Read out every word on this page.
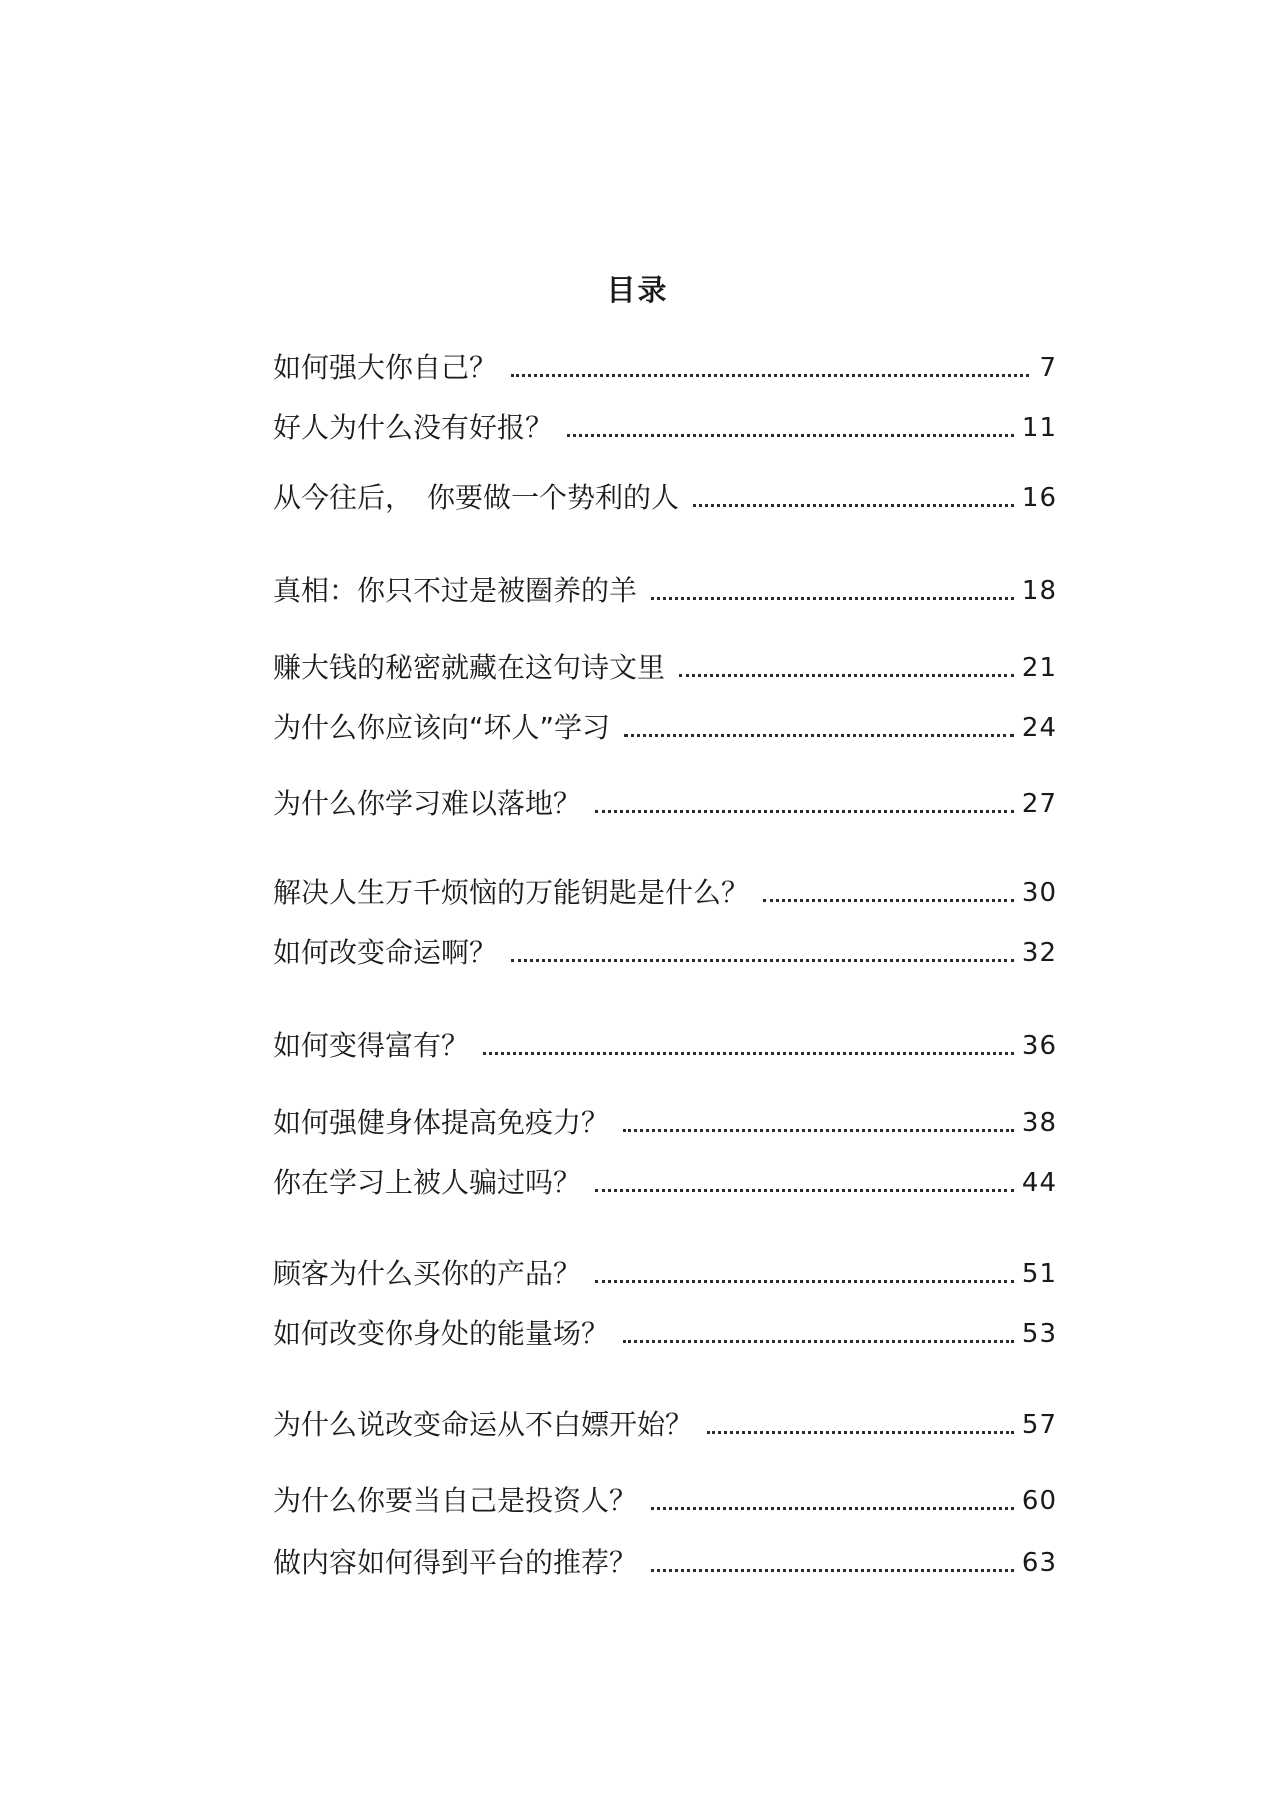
目录
如何强大你自己？	7
好人为什么没有好报？	11
从今往后，　你要做一个势利的人	16
真相：你只不过是被圈养的羊	18
赚大钱的秘密就藏在这句诗文里	21
为什么你应该向“坏人”学习	24
为什么你学习难以落地？	27
解决人生万千烦恼的万能钥匙是什么？	30
如何改变命运啊？	32
如何变得富有？	36
如何强健身体提高免疫力？	38
你在学习上被人骗过吗？	44
顾客为什么买你的产品？	51
如何改变你身处的能量场？	53
为什么说改变命运从不白嫖开始？	57
为什么你要当自己是投资人？	60
做内容如何得到平台的推荐？	63
